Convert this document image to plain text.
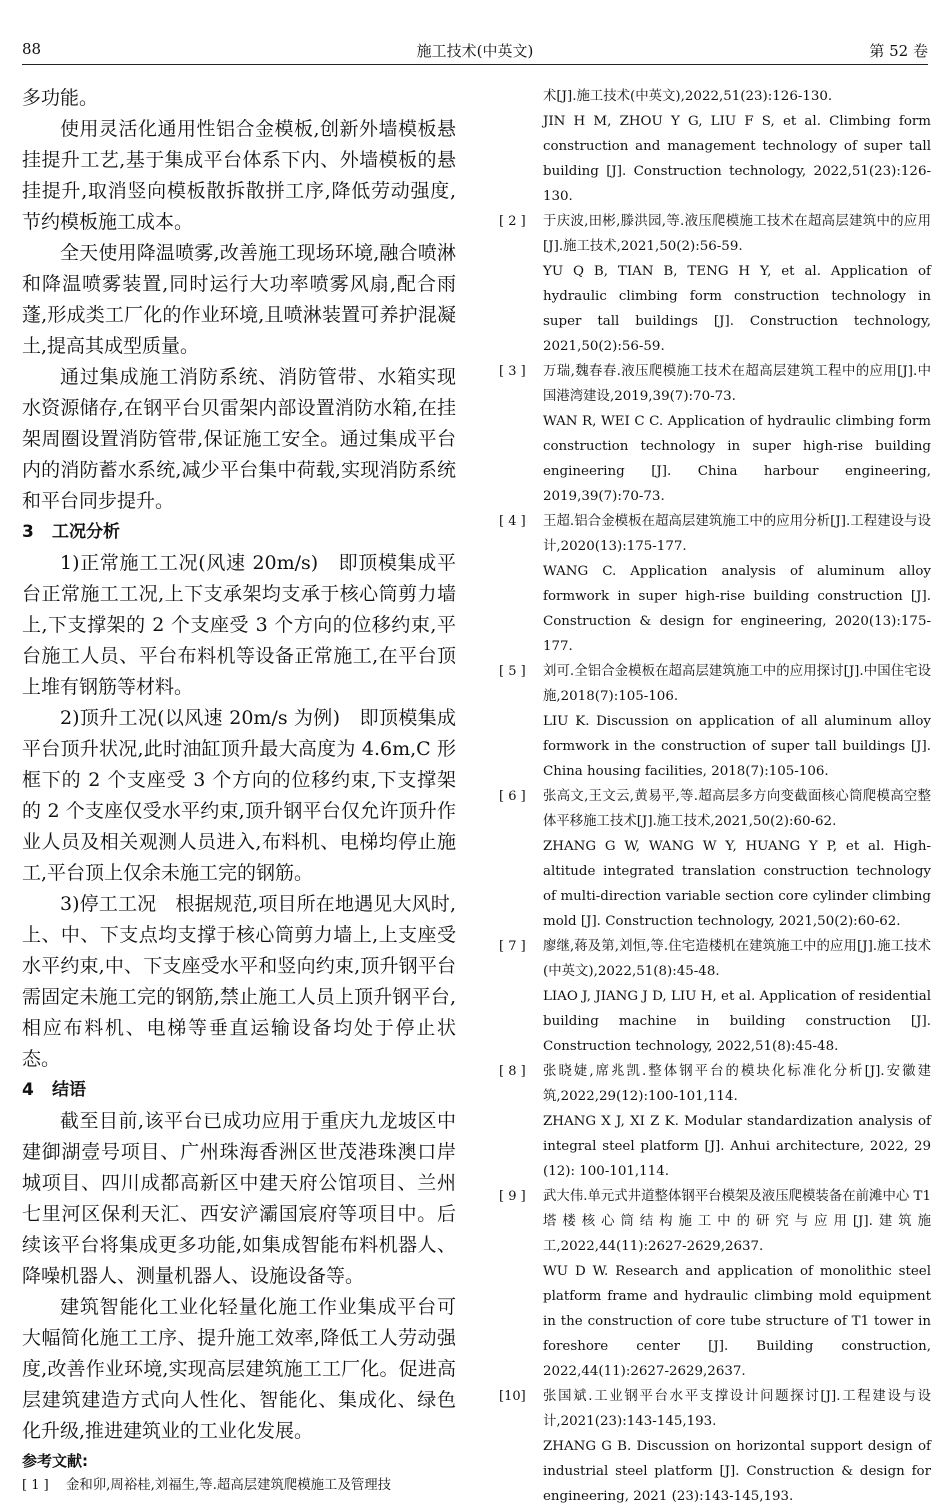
88	施工技术(中英文)	第 52 卷

多功能。

使用灵活化通用性铝合金模板,创新外墙模板悬挂提升工艺,基于集成平台体系下内、外墙模板的悬挂提升,取消竖向模板散拆散拼工序,降低劳动强度,节约模板施工成本。

全天使用降温喷雾,改善施工现场环境,融合喷淋和降温喷雾装置,同时运行大功率喷雾风扇,配合雨蓬,形成类工厂化的作业环境,且喷淋装置可养护混凝土,提高其成型质量。

通过集成施工消防系统、消防管带、水箱实现水资源储存,在钢平台贝雷架内部设置消防水箱,在挂架周圈设置消防管带,保证施工安全。通过集成平台内的消防蓄水系统,减少平台集中荷载,实现消防系统和平台同步提升。

3 工况分析

1)正常施工工况(风速 20m/s)　即顶模集成平台正常施工工况,上下支承架均支承于核心筒剪力墙上,下支撑架的 2 个支座受 3 个方向的位移约束,平台施工人员、平台布料机等设备正常施工,在平台顶上堆有钢筋等材料。

2)顶升工况(以风速 20m/s 为例)　即顶模集成平台顶升状况,此时油缸顶升最大高度为 4.6m,C 形框下的 2 个支座受 3 个方向的位移约束,下支撑架的 2 个支座仅受水平约束,顶升钢平台仅允许顶升作业人员及相关观测人员进入,布料机、电梯均停止施工,平台顶上仅余未施工完的钢筋。

3)停工工况　根据规范,项目所在地遇见大风时,上、中、下支点均支撑于核心筒剪力墙上,上支座受水平约束,中、下支座受水平和竖向约束,顶升钢平台需固定未施工完的钢筋,禁止施工人员上顶升钢平台,相应布料机、电梯等垂直运输设备均处于停止状态。

4 结语

截至目前,该平台已成功应用于重庆九龙坡区中建御湖壹号项目、广州珠海香洲区世茂港珠澳口岸城项目、四川成都高新区中建天府公馆项目、兰州七里河区保利天汇、西安浐灞国宸府等项目中。后续该平台将集成更多功能,如集成智能布料机器人、降噪机器人、测量机器人、设施设备等。

建筑智能化工业化轻量化施工作业集成平台可大幅简化施工工序、提升施工效率,降低工人劳动强度,改善作业环境,实现高层建筑施工工厂化。促进高层建筑建造方式向人性化、智能化、集成化、绿色化升级,推进建筑业的工业化发展。

参考文献:
[ 1 ] 金和卯,周裕桂,刘福生,等.超高层建筑爬模施工及管理技
术[J].施工技术(中英文),2022,51(23):126-130.
JIN H M, ZHOU Y G, LIU F S, et al. Climbing form construction and management technology of super tall building [J]. Construction technology, 2022,51(23):126-130.
[ 2 ]	于庆波,田彬,滕洪园,等.液压爬模施工技术在超高层建筑中的应用[J].施工技术,2021,50(2):56-59.
YU Q B, TIAN B, TENG H Y, et al. Application of hydraulic climbing form construction technology in super tall buildings [J]. Construction technology, 2021,50(2):56-59.
[ 3 ]	万瑞,魏春春.液压爬模施工技术在超高层建筑工程中的应用[J].中国港湾建设,2019,39(7):70-73.
WAN R, WEI C C. Application of hydraulic climbing form construction technology in super high-rise building engineering [J]. China harbour engineering, 2019,39(7):70-73.
[ 4 ]	王超.铝合金模板在超高层建筑施工中的应用分析[J].工程建设与设计,2020(13):175-177.
WANG C. Application analysis of aluminum alloy formwork in super high-rise building construction [J]. Construction & design for engineering, 2020(13):175-177.
[ 5 ]	刘可.全铝合金模板在超高层建筑施工中的应用探讨[J].中国住宅设施,2018(7):105-106.
LIU K. Discussion on application of all aluminum alloy formwork in the construction of super tall buildings [J]. China housing facilities, 2018(7):105-106.
[ 6 ]	张高文,王文云,黄易平,等.超高层多方向变截面核心筒爬模高空整体平移施工技术[J].施工技术,2021,50(2):60-62.
ZHANG G W, WANG W Y, HUANG Y P, et al. High-altitude integrated translation construction technology of multi-direction variable section core cylinder climbing mold [J]. Construction technology, 2021,50(2):60-62.
[ 7 ]	廖继,蒋及第,刘恒,等.住宅造楼机在建筑施工中的应用[J].施工技术(中英文),2022,51(8):45-48.
LIAO J, JIANG J D, LIU H, et al. Application of residential building machine in building construction [J]. Construction technology, 2022,51(8):45-48.
[ 8 ]	张晓婕,席兆凯.整体钢平台的模块化标准化分析[J].安徽建筑,2022,29(12):100-101,114.
ZHANG X J, XI Z K. Modular standardization analysis of integral steel platform [J]. Anhui architecture, 2022, 29 (12): 100-101,114.
[ 9 ]	武大伟.单元式井道整体钢平台模架及液压爬模装备在前滩中心 T1 塔楼核心筒结构施工中的研究与应用[J].建筑施工,2022,44(11):2627-2629,2637.
WU D W. Research and application of monolithic steel platform frame and hydraulic climbing mold equipment in the construction of core tube structure of T1 tower in foreshore center [J]. Building construction, 2022,44(11):2627-2629,2637.
[10]	张国斌.工业钢平台水平支撑设计问题探讨[J].工程建设与设计,2021(23):143-145,193.
ZHANG G B. Discussion on horizontal support design of industrial steel platform [J]. Construction & design for engineering, 2021 (23):143-145,193.
